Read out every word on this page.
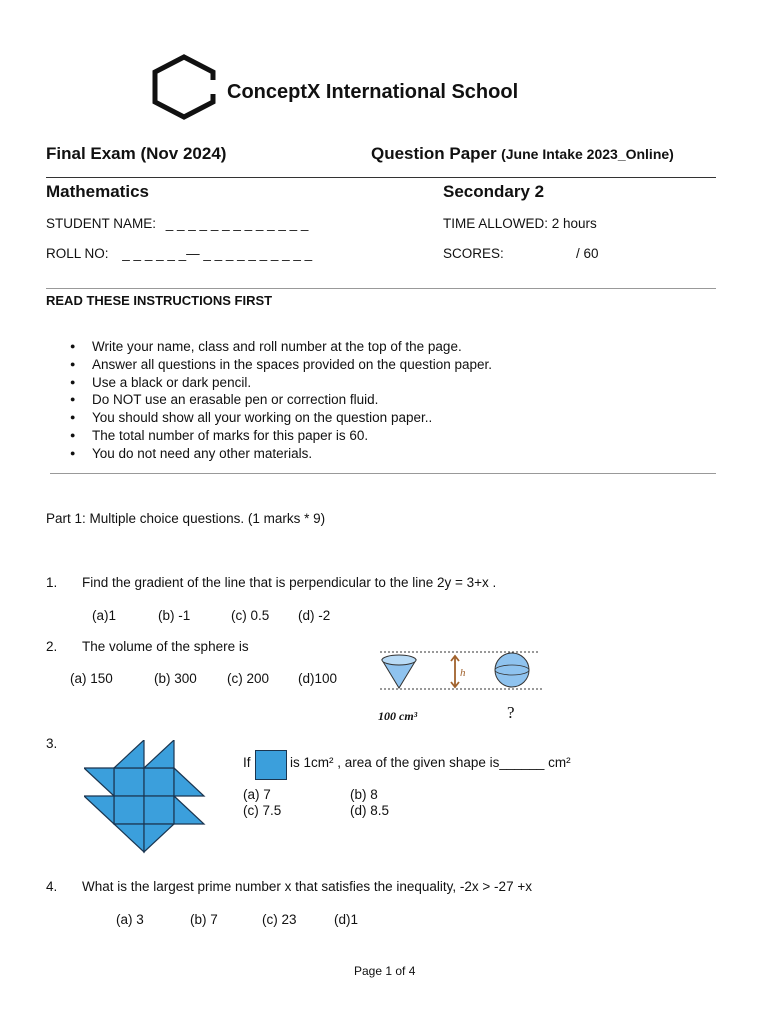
ConceptX International School
Final Exam (Nov 2024)	Question Paper (June Intake 2023_Online)
Mathematics	Secondary 2
STUDENT NAME: _ _ _ _ _ _ _ _ _ _ _ _ _	TIME ALLOWED: 2 hours
ROLL NO: _ _ _ _ _ _— _ _ _ _ _ _ _ _ _ _	SCORES:	/ 60
READ THESE INSTRUCTIONS FIRST
● Write your name, class and roll number at the top of the page.
● Answer all questions in the spaces provided on the question paper.
● Use a black or dark pencil.
● Do NOT use an erasable pen or correction fluid.
● You should show all your working on the question paper..
● The total number of marks for this paper is 60.
● You do not need any other materials.
Part 1: Multiple choice questions. (1 marks * 9)
1. Find the gradient of the line that is perpendicular to the line 2y = 3+x .
(a)1	(b) -1	(c) 0.5 (d) -2
2. The volume of the sphere is
(a) 150	(b) 300 (c) 200 (d)100	h
100 cm³	?
3.
If	is 1cm² , area of the given shape is______ cm²
(a) 7	(b) 8
(c) 7.5	(d) 8.5
4. What is the largest prime number x that satisfies the inequality, -2x > -27 +x
(a) 3	(b) 7	(c) 23	(d)1
Page 1 of 4
